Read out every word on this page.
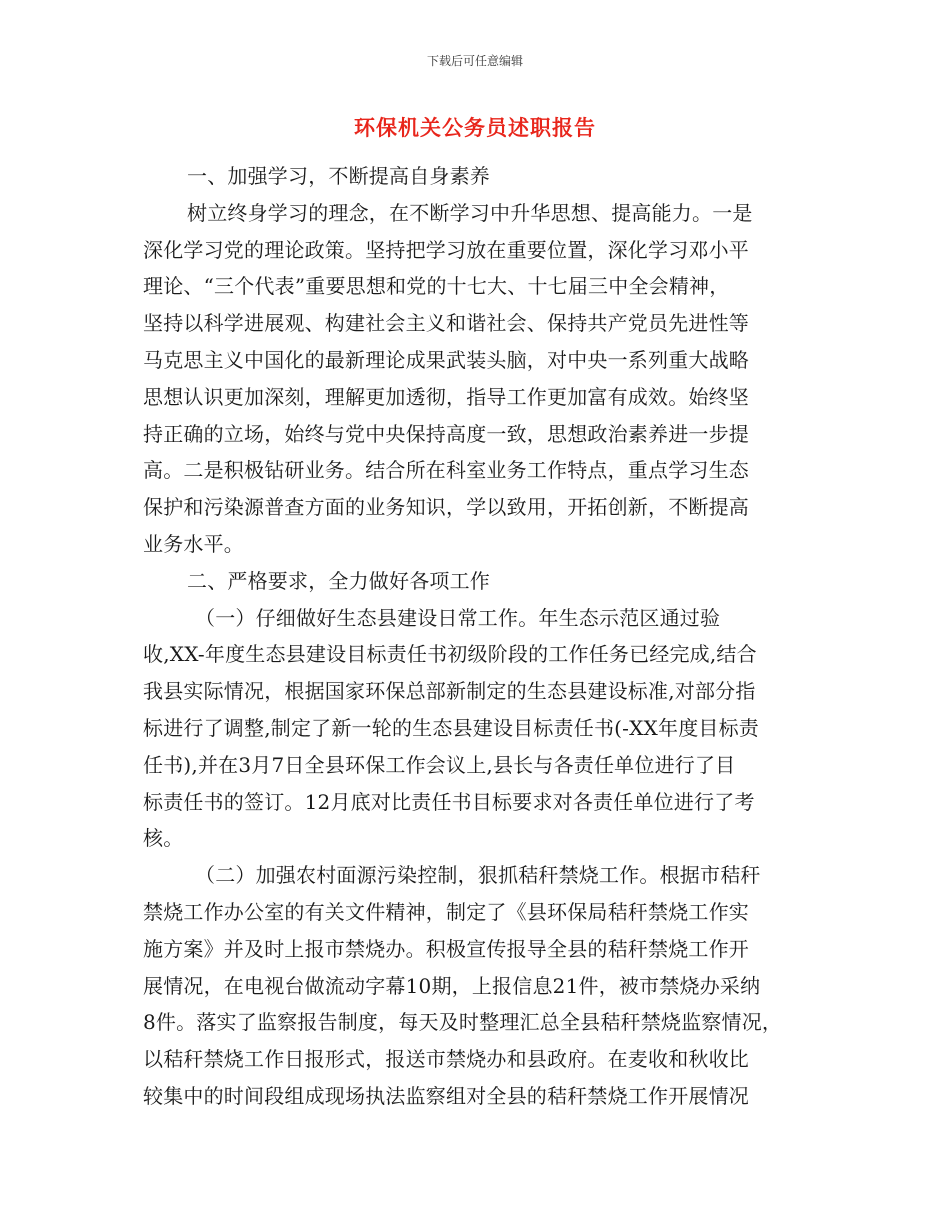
下载后可任意编辑
环保机关公务员述职报告
一、加强学习，不断提高自身素养
树立终身学习的理念，在不断学习中升华思想、提高能力。一是
深化学习党的理论政策。坚持把学习放在重要位置，深化学习邓小平
理论、“三个代表”重要思想和党的十七大、十七届三中全会精神，
坚持以科学进展观、构建社会主义和谐社会、保持共产党员先进性等
马克思主义中国化的最新理论成果武装头脑，对中央一系列重大战略
思想认识更加深刻，理解更加透彻，指导工作更加富有成效。始终坚
持正确的立场，始终与党中央保持高度一致，思想政治素养进一步提
高。二是积极钻研业务。结合所在科室业务工作特点，重点学习生态
保护和污染源普查方面的业务知识，学以致用，开拓创新，不断提高
业务水平。
二、严格要求，全力做好各项工作
（一）仔细做好生态县建设日常工作。年生态示范区通过验
收,XX-年度生态县建设目标责任书初级阶段的工作任务已经完成,结合
我县实际情况，根据国家环保总部新制定的生态县建设标准,对部分指
标进行了调整,制定了新一轮的生态县建设目标责任书(-XX年度目标责
任书),并在3月7日全县环保工作会议上,县长与各责任单位进行了目
标责任书的签订。12月底对比责任书目标要求对各责任单位进行了考
核。
（二）加强农村面源污染控制，狠抓秸秆禁烧工作。根据市秸秆
禁烧工作办公室的有关文件精神，制定了《县环保局秸秆禁烧工作实
施方案》并及时上报市禁烧办。积极宣传报导全县的秸秆禁烧工作开
展情况，在电视台做流动字幕10期，上报信息21件，被市禁烧办采纳
8件。落实了监察报告制度，每天及时整理汇总全县秸秆禁烧监察情况，
以秸秆禁烧工作日报形式，报送市禁烧办和县政府。在麦收和秋收比
较集中的时间段组成现场执法监察组对全县的秸秆禁烧工作开展情况
